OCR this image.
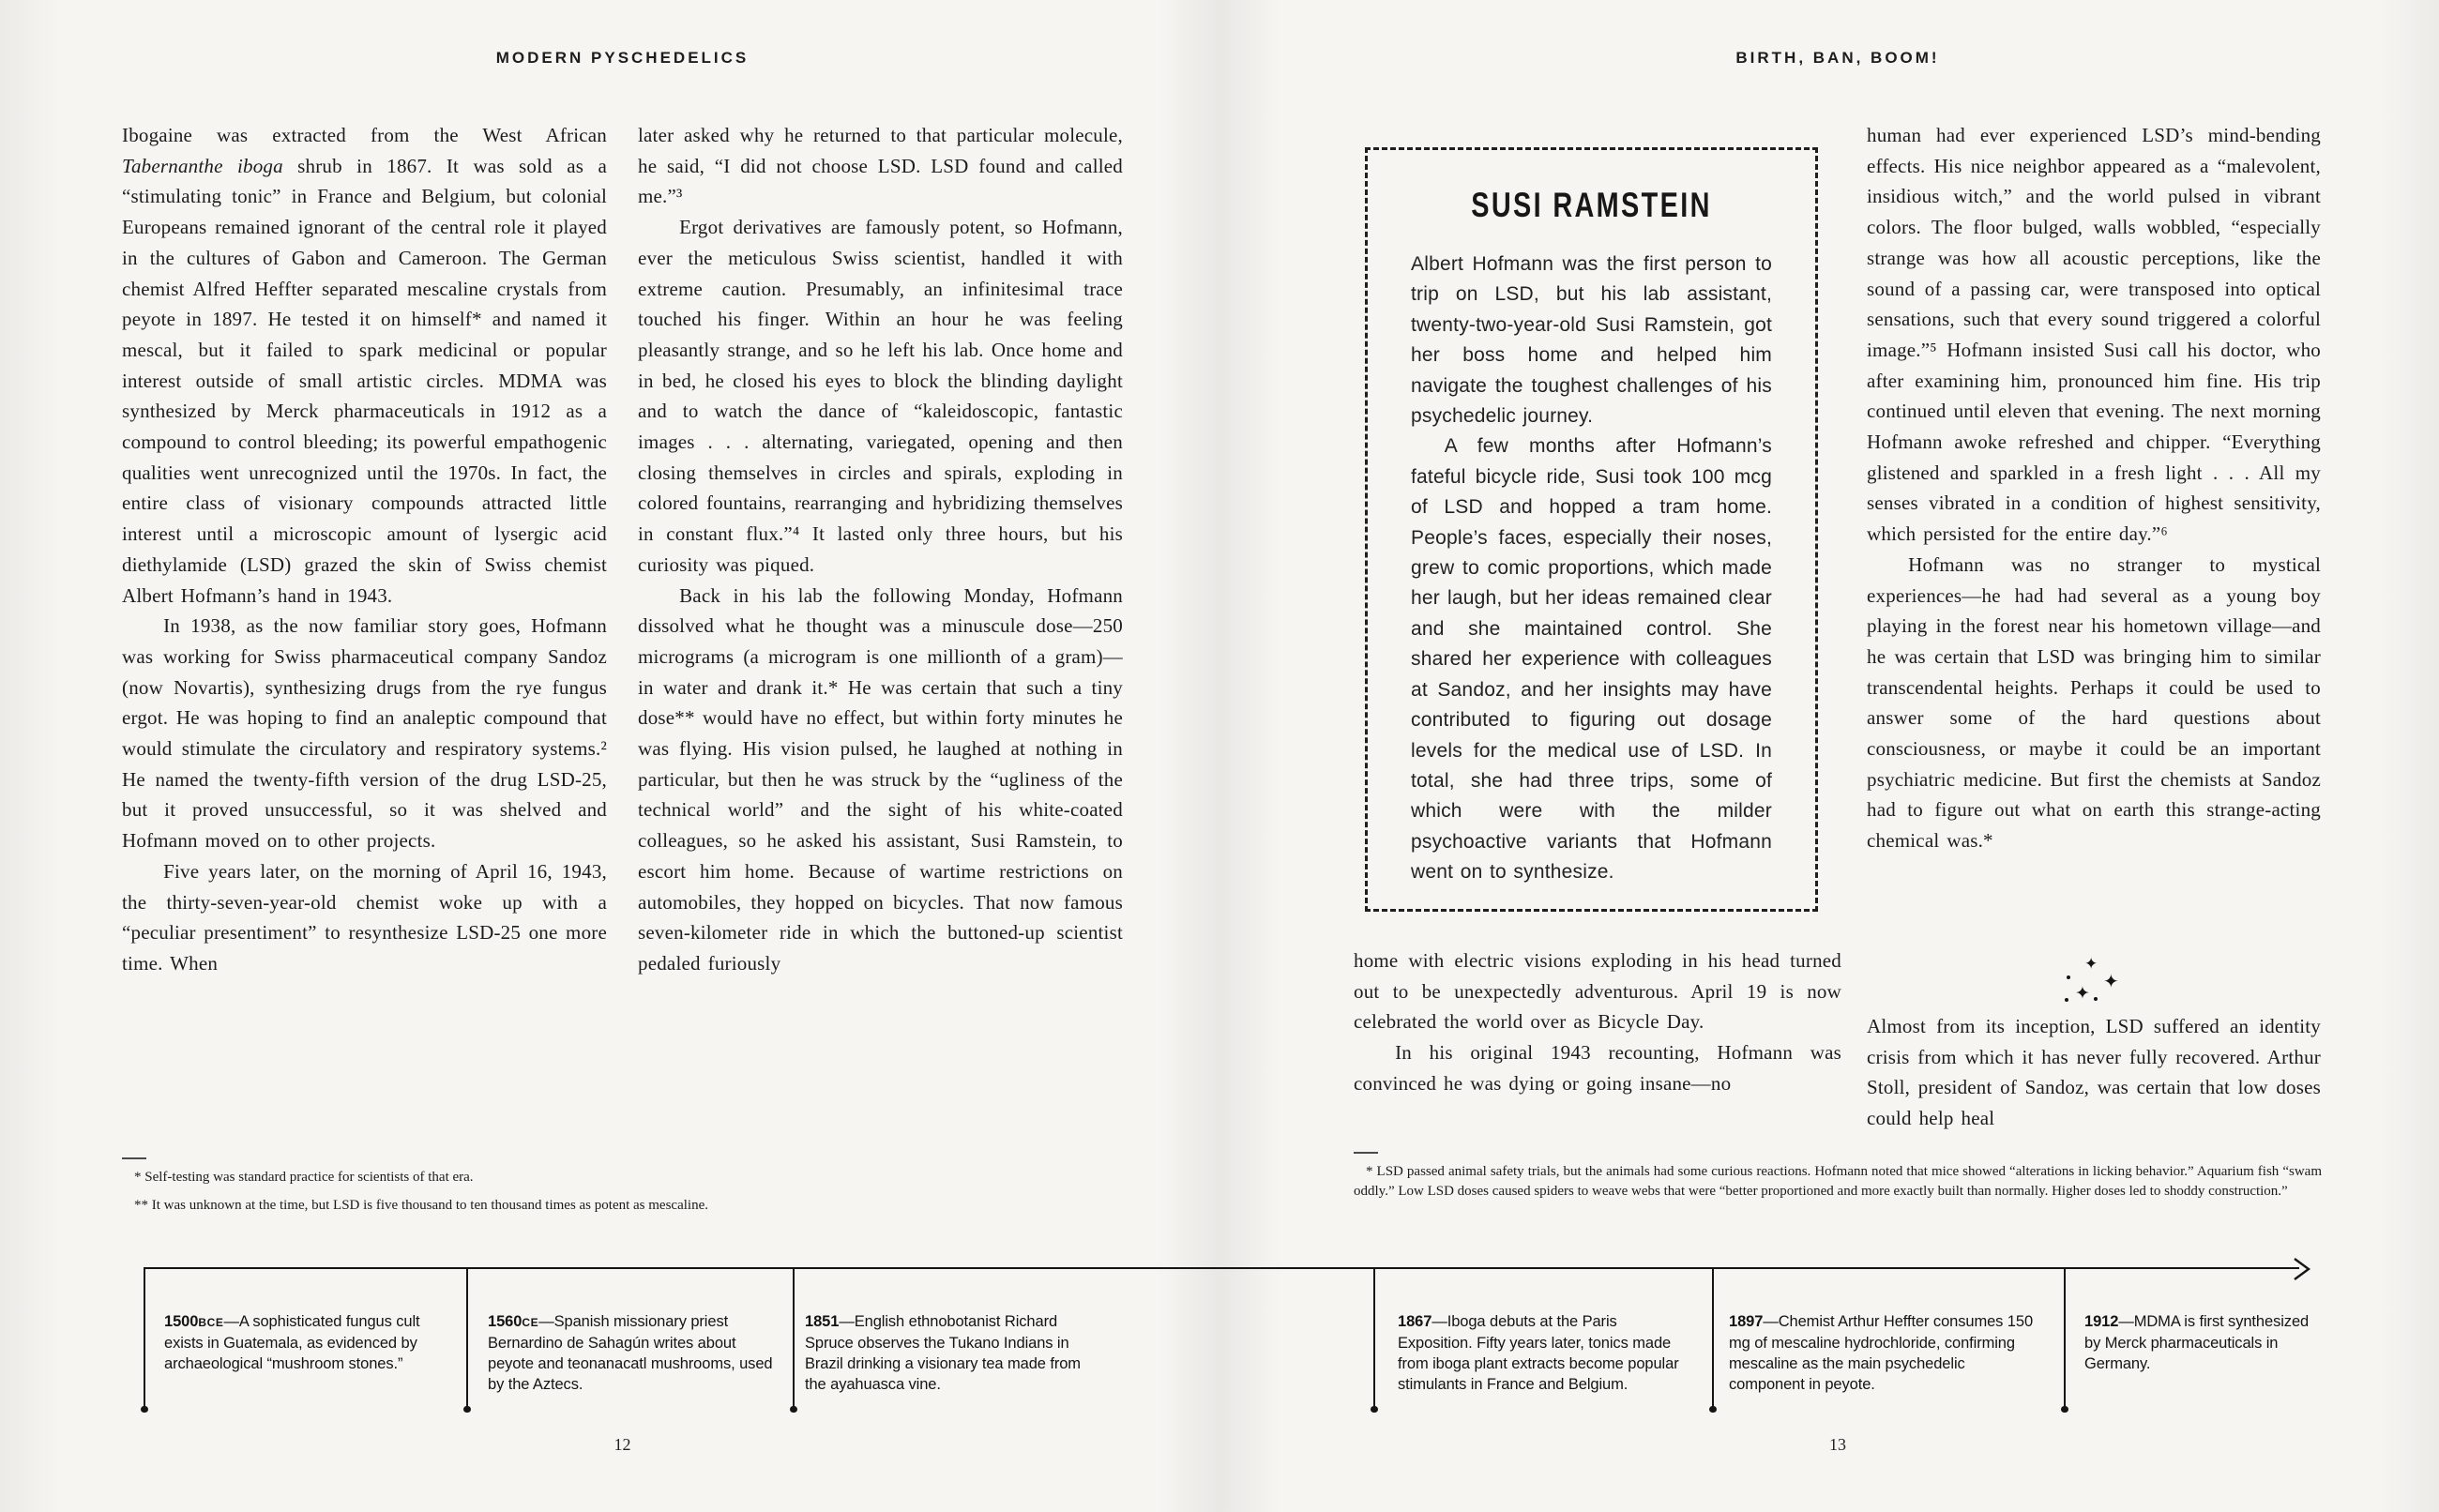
MODERN PYSCHEDELICS

Ibogaine was extracted from the West African Tabernanthe iboga shrub in 1867. It was sold as a “stimulating tonic” in France and Belgium, but colonial Europeans remained ignorant of the central role it played in the cultures of Gabon and Cameroon. The German chemist Alfred Heffter separated mescaline crystals from peyote in 1897. He tested it on himself* and named it mescal, but it failed to spark medicinal or popular interest outside of small artistic circles. MDMA was synthesized by Merck pharmaceuticals in 1912 as a compound to control bleeding; its powerful empathogenic qualities went unrecognized until the 1970s. In fact, the entire class of visionary compounds attracted little interest until a microscopic amount of lysergic acid diethylamide (LSD) grazed the skin of Swiss chemist Albert Hofmann’s hand in 1943.

In 1938, as the now familiar story goes, Hofmann was working for Swiss pharmaceutical company Sandoz (now Novartis), synthesizing drugs from the rye fungus ergot. He was hoping to find an analeptic compound that would stimulate the circulatory and respiratory systems.² He named the twenty-fifth version of the drug LSD-25, but it proved unsuccessful, so it was shelved and Hofmann moved on to other projects.

Five years later, on the morning of April 16, 1943, the thirty-seven-year-old chemist woke up with a “peculiar presentiment” to resynthesize LSD-25 one more time. When

later asked why he returned to that particular molecule, he said, “I did not choose LSD. LSD found and called me.”³

Ergot derivatives are famously potent, so Hofmann, ever the meticulous Swiss scientist, handled it with extreme caution. Presumably, an infinitesimal trace touched his finger. Within an hour he was feeling pleasantly strange, and so he left his lab. Once home and in bed, he closed his eyes to block the blinding daylight and to watch the dance of “kaleidoscopic, fantastic images . . . alternating, variegated, opening and then closing themselves in circles and spirals, exploding in colored fountains, rearranging and hybridizing themselves in constant flux.”⁴ It lasted only three hours, but his curiosity was piqued.

Back in his lab the following Monday, Hofmann dissolved what he thought was a minuscule dose—250 micrograms (a microgram is one millionth of a gram)—in water and drank it.* He was certain that such a tiny dose** would have no effect, but within forty minutes he was flying. His vision pulsed, he laughed at nothing in particular, but then he was struck by the “ugliness of the technical world” and the sight of his white-coated colleagues, so he asked his assistant, Susi Ramstein, to escort him home. Because of wartime restrictions on automobiles, they hopped on bicycles. That now famous seven-kilometer ride in which the buttoned-up scientist pedaled furiously

* Self-testing was standard practice for scientists of that era.

** It was unknown at the time, but LSD is five thousand to ten thousand times as potent as mescaline.

12
BIRTH, BAN, BOOM!
SUSI RAMSTEIN

Albert Hofmann was the first person to trip on LSD, but his lab assistant, twenty-two-year-old Susi Ramstein, got her boss home and helped him navigate the toughest challenges of his psychedelic journey.

A few months after Hofmann’s fateful bicycle ride, Susi took 100 mcg of LSD and hopped a tram home. People’s faces, especially their noses, grew to comic proportions, which made her laugh, but her ideas remained clear and she maintained control. She shared her experience with colleagues at Sandoz, and her insights may have contributed to figuring out dosage levels for the medical use of LSD. In total, she had three trips, some of which were with the milder psychoactive variants that Hofmann went on to synthesize.

home with electric visions exploding in his head turned out to be unexpectedly adventurous. April 19 is now celebrated the world over as Bicycle Day.

In his original 1943 recounting, Hofmann was convinced he was dying or going insane—no

human had ever experienced LSD’s mind-bending effects. His nice neighbor appeared as a “malevolent, insidious witch,” and the world pulsed in vibrant colors. The floor bulged, walls wobbled, “especially strange was how all acoustic perceptions, like the sound of a passing car, were transposed into optical sensations, such that every sound triggered a colorful image.”⁵ Hofmann insisted Susi call his doctor, who after examining him, pronounced him fine. His trip continued until eleven that evening. The next morning Hofmann awoke refreshed and chipper. “Everything glistened and sparkled in a fresh light . . . All my senses vibrated in a condition of highest sensitivity, which persisted for the entire day.”⁶

Hofmann was no stranger to mystical experiences—he had had several as a young boy playing in the forest near his hometown village—and he was certain that LSD was bringing him to similar transcendental heights. Perhaps it could be used to answer some of the hard questions about consciousness, or maybe it could be an important psychiatric medicine. But first the chemists at Sandoz had to figure out what on earth this strange-acting chemical was.*

✦
✦
✦

Almost from its inception, LSD suffered an identity crisis from which it has never fully recovered. Arthur Stoll, president of Sandoz, was certain that low doses could help heal

* LSD passed animal safety trials, but the animals had some curious reactions. Hofmann noted that mice showed “alterations in licking behavior.” Aquarium fish “swam oddly.” Low LSD doses caused spiders to weave webs that were “better proportioned and more exactly built than normally. Higher doses led to shoddy construction.”

13
1500BCE—A sophisticated fungus cult exists in Guatemala, as evidenced by archaeological “mushroom stones.”
1560CE—Spanish missionary priest Bernardino de Sahagún writes about peyote and teonanacatl mushrooms, used by the Aztecs.
1851—English ethnobotanist Richard Spruce observes the Tukano Indians in Brazil drinking a visionary tea made from the ayahuasca vine.
1867—Iboga debuts at the Paris Exposition. Fifty years later, tonics made from iboga plant extracts become popular stimulants in France and Belgium.
1897—Chemist Arthur Heffter consumes 150 mg of mescaline hydrochloride, confirming mescaline as the main psychedelic component in peyote.
1912—MDMA is first synthesized by Merck pharmaceuticals in Germany.
